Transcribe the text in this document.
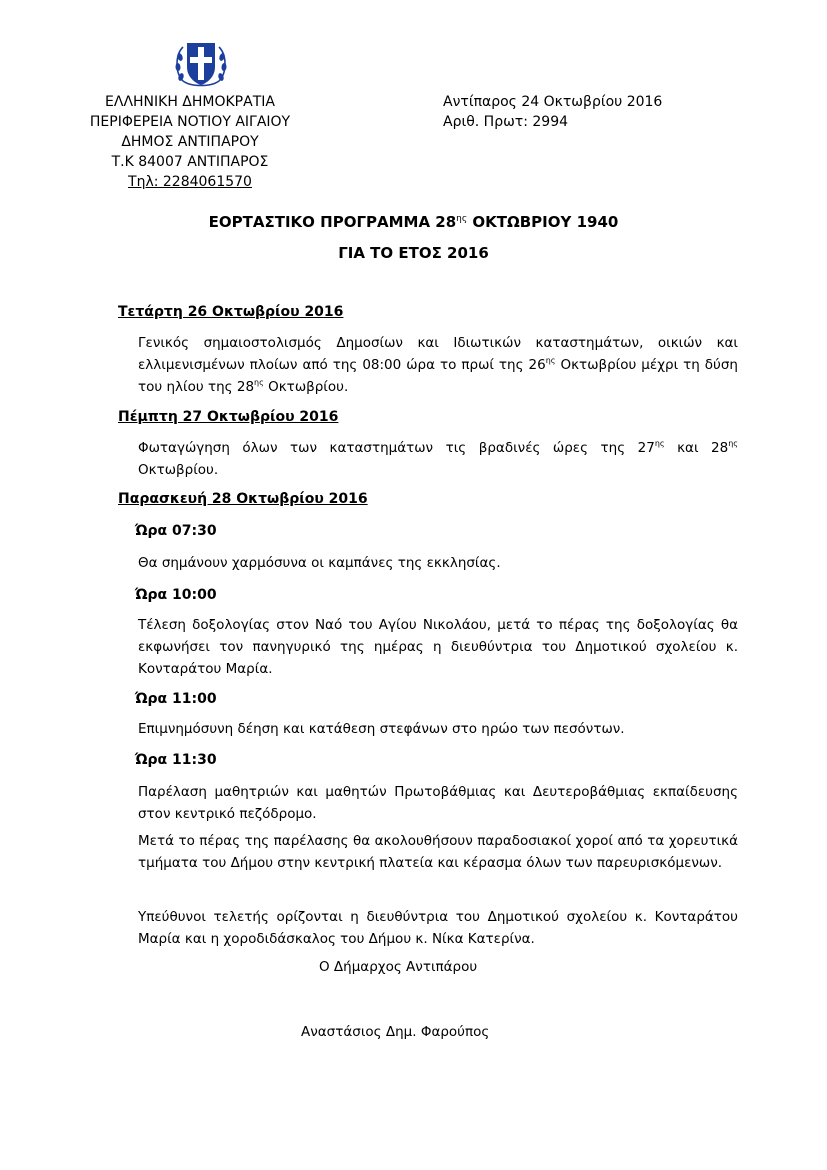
ΕΛΛΗΝΙΚΗ ΔΗΜΟΚΡΑΤΙΑ
ΠΕΡΙΦΕΡΕΙΑ ΝΟΤΙΟΥ ΑΙΓΑΙΟΥ
ΔΗΜΟΣ ΑΝΤΙΠΑΡΟΥ
Τ.Κ 84007 ΑΝΤΙΠΑΡΟΣ
Τηλ: 2284061570
Αντίπαρος 24 Οκτωβρίου 2016
Αριθ. Πρωτ: 2994
ΕΟΡΤΑΣΤΙΚΟ ΠΡΟΓΡΑΜΜΑ $28^{\eta\varsigma}$ ΟΚΤΩΒΡΙΟΥ 1940
ΓΙΑ ΤΟ ΕΤΟΣ 2016
Τετάρτη 26 Οκτωβρίου 2016
Γενικός σημαιοστολισμός Δημοσίων και Ιδιωτικών καταστημάτων, οικιών και ελλιμενισμένων πλοίων από της 08:00 ώρα το πρωί της $26^{\eta\varsigma}$ Οκτωβρίου μέχρι τη δύση του ηλίου της $28^{\eta\varsigma}$ Οκτωβρίου.
Πέμπτη 27 Οκτωβρίου 2016
Φωταγώγηση όλων των καταστημάτων τις βραδινές ώρες της $27^{\eta\varsigma}$ και $28^{\eta\varsigma}$ Οκτωβρίου.
Παρασκευή 28 Οκτωβρίου 2016
Ώρα 07:30
Θα σημάνουν χαρμόσυνα οι καμπάνες της εκκλησίας.
Ώρα 10:00
Τέλεση δοξολογίας στον Ναό του Αγίου Νικολάου, μετά το πέρας της δοξολογίας θα εκφωνήσει τον πανηγυρικό της ημέρας η διευθύντρια του Δημοτικού σχολείου κ. Κονταράτου Μαρία.
Ώρα 11:00
Επιμνημόσυνη δέηση και κατάθεση στεφάνων στο ηρώο των πεσόντων.
Ώρα 11:30
Παρέλαση μαθητριών και μαθητών Πρωτοβάθμιας και Δευτεροβάθμιας εκπαίδευσης στον κεντρικό πεζόδρομο.
Μετά το πέρας της παρέλασης θα ακολουθήσουν παραδοσιακοί χοροί από τα χορευτικά τμήματα του Δήμου στην κεντρική πλατεία και κέρασμα όλων των παρευρισκόμενων.
Υπεύθυνοι τελετής ορίζονται η διευθύντρια του Δημοτικού σχολείου κ. Κονταράτου Μαρία και η χοροδιδάσκαλος του Δήμου κ. Νίκα Κατερίνα.
Ο Δήμαρχος Αντιπάρου
Αναστάσιος Δημ. Φαρούπος
